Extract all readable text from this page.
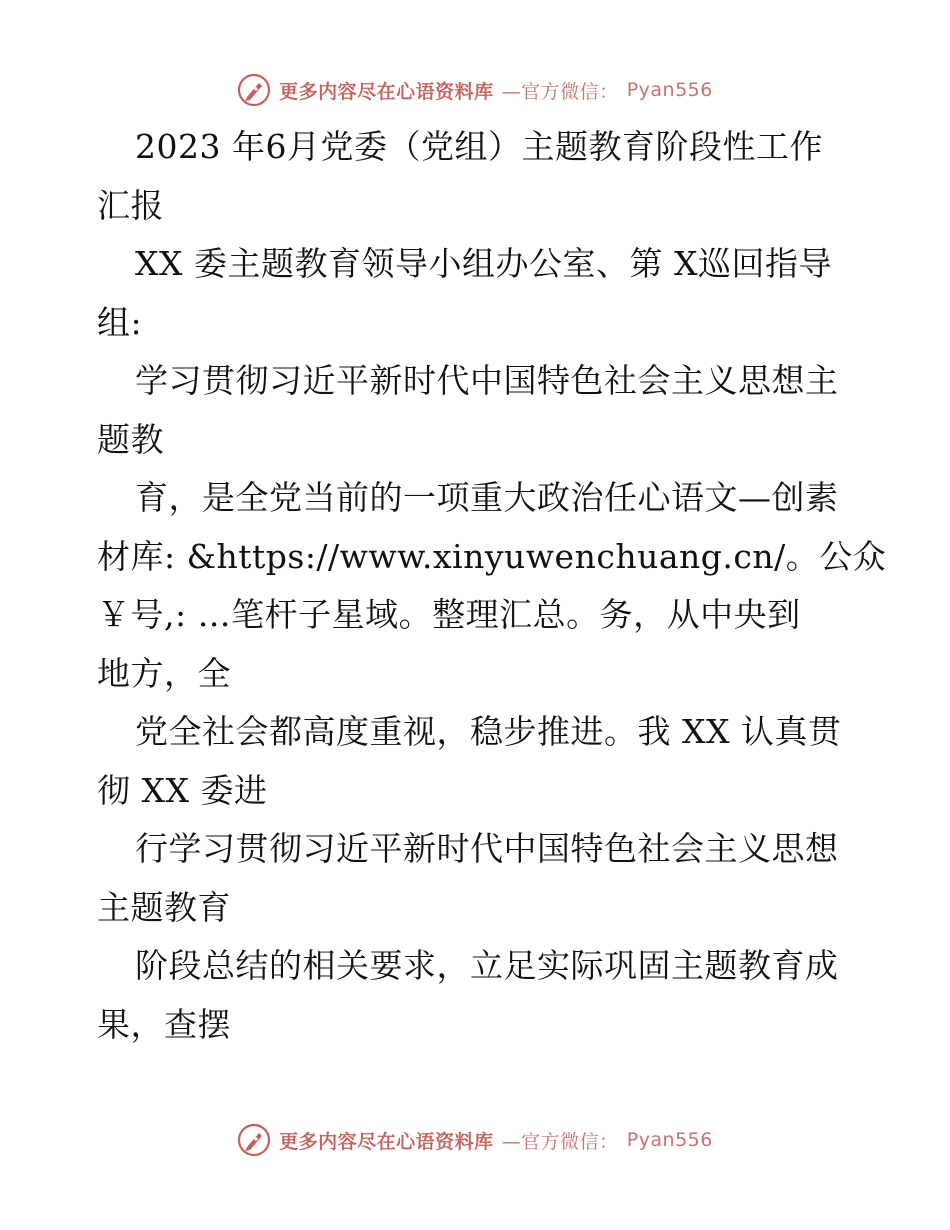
更多内容尽在心语资料库 —官方微信： Pyan556
2023 年6月党委（党组）主题教育阶段性工作
汇报
XX 委主题教育领导小组办公室、第 X巡回指导
组:
学习贯彻习近平新时代中国特色社会主义思想主
题教
育，是全党当前的一项重大政治任心语文—创素
材库: &https://www.xinyuwenchuang.cn/。公众
￥号,: …笔杆子星域。整理汇总。务，从中央到
地方，全
党全社会都高度重视，稳步推进。我 XX 认真贯
彻 XX 委进
行学习贯彻习近平新时代中国特色社会主义思想
主题教育
阶段总结的相关要求，立足实际巩固主题教育成
果，查摆
更多内容尽在心语资料库 —官方微信： Pyan556
